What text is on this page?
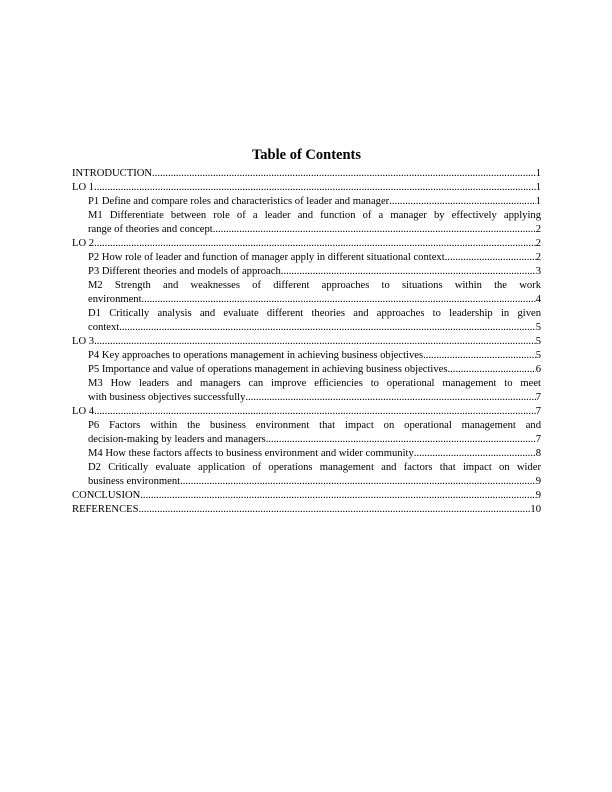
Table of Contents
INTRODUCTION .....	1
LO 1 .....	1
P1 Define and compare roles and characteristics of leader and manager .....	1
M1 Differentiate between role of a leader and function of a manager by effectively applying
range of theories and concept .....	2
LO 2 .....	2
P2 How role of leader and function of manager apply in different situational context .....	2
P3 Different theories and models of approach .....	3
M2 Strength and weaknesses of different approaches to situations within the work
environment .....	4
D1 Critically analysis and evaluate different theories and approaches to leadership in given
context .....	5
LO 3 .....	5
P4 Key approaches to operations management in achieving business objectives .....	5
P5 Importance and value of operations management in achieving business objectives .....	6
M3 How leaders and managers can improve efficiencies to operational management to meet
with business objectives successfully .....	7
LO 4 .....	7
P6 Factors within the business environment that impact on operational management and
decision-making by leaders and managers .....	7
M4 How these factors affects to business environment and wider community .....	8
D2 Critically evaluate application of operations management and factors that impact on wider
business environment .....	9
CONCLUSION .....	9
REFERENCES .....	10
